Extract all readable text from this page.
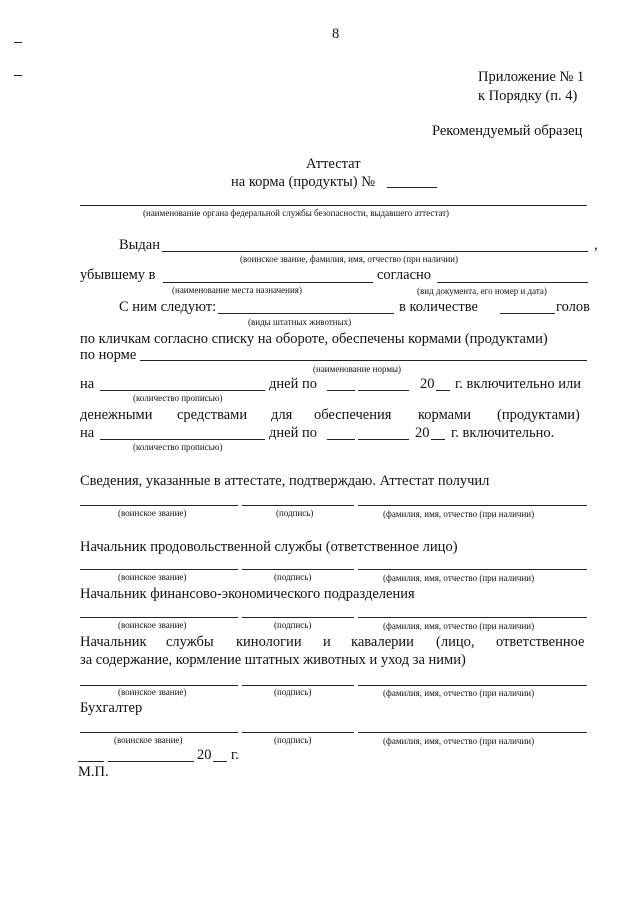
8
Приложение № 1
к Порядку (п. 4)
Рекомендуемый образец
Аттестат
на корма (продукты) №
(наименование органа федеральной службы безопасности, выдавшего аттестат)
Выдан	,
(воинское звание, фамилия, имя, отчество (при наличии)
убывшему в	согласно
(наименование места назначения)	(вид документа, его номер и дата)
С ним следуют:	в количестве	голов
(виды штатных животных)
по кличкам согласно списку на обороте, обеспечены кормами (продуктами)
по норме
(наименование нормы)
на	дней по	20 г. включительно или
(количество прописью)
денежными средствами для обеспечения кормами (продуктами)
на	дней по	20 г. включительно.
(количество прописью)
Сведения, указанные в аттестате, подтверждаю. Аттестат получил
(воинское звание)	(подпись)	(фамилия, имя, отчество (при наличии)
Начальник продовольственной службы (ответственное лицо)
(воинское звание)	(подпись)	(фамилия, имя, отчество (при наличии)
Начальник финансово-экономического подразделения
(воинское звание)	(подпись)	(фамилия, имя, отчество (при наличии)
Начальник службы кинологии и кавалерии (лицо, ответственное
за содержание, кормление штатных животных и уход за ними)
(воинское звание)	(подпись)	(фамилия, имя, отчество (при наличии)
Бухгалтер
(воинское звание)	(подпись)	(фамилия, имя, отчество (при наличии)
20 г.
М.П.
